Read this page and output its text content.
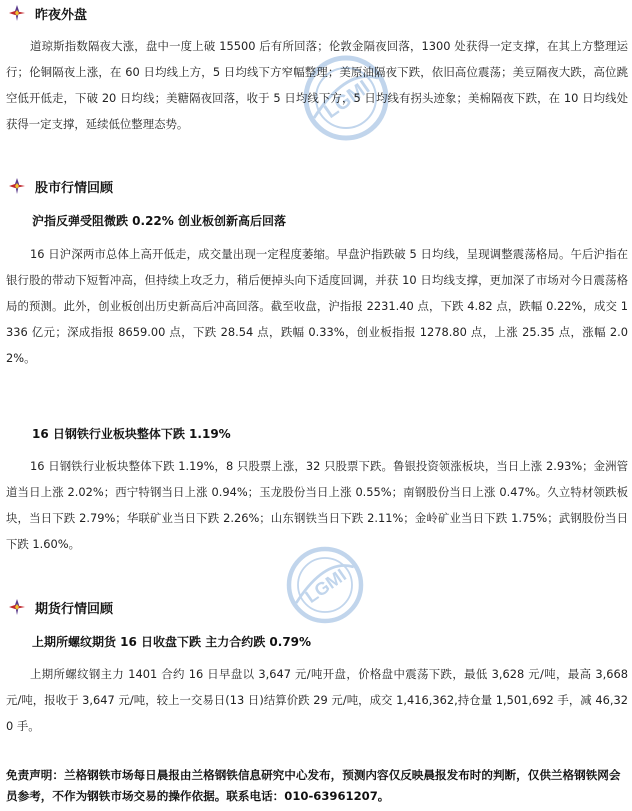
LGMI
LGMI
昨夜外盘
道琼斯指数隔夜大涨，盘中一度上破 15500 后有所回落；伦敦金隔夜回落，1300 处获得一定支撑，在其上方整理运行；伦铜隔夜上涨，在 60 日均线上方，5 日均线下方窄幅整理；美原油隔夜下跌，依旧高位震荡；美豆隔夜大跌，高位跳空低开低走，下破 20 日均线；美糖隔夜回落，收于 5 日均线下方，5 日均线有拐头迹象；美棉隔夜下跌，在 10 日均线处获得一定支撑，延续低位整理态势。
股市行情回顾
沪指反弹受阻微跌 0.22% 创业板创新高后回落
16 日沪深两市总体上高开低走，成交量出现一定程度萎缩。早盘沪指跌破 5 日均线，呈现调整震荡格局。午后沪指在银行股的带动下短暂冲高，但持续上攻乏力，稍后便掉头向下适度回调，并获 10 日均线支撑，更加深了市场对今日震荡格局的预测。此外，创业板创出历史新高后冲高回落。截至收盘，沪指报 2231.40 点，下跌 4.82 点，跌幅 0.22%，成交 1336 亿元；深成指报 8659.00 点，下跌 28.54 点，跌幅 0.33%，创业板指报 1278.80 点，上涨 25.35 点，涨幅 2.02%。
16 日钢铁行业板块整体下跌 1.19%
16 日钢铁行业板块整体下跌 1.19%，8 只股票上涨，32 只股票下跌。鲁银投资领涨板块，当日上涨 2.93%；金洲管道当日上涨 2.02%；西宁特钢当日上涨 0.94%；玉龙股份当日上涨 0.55%；南钢股份当日上涨 0.47%。久立特材领跌板块，当日下跌 2.79%；华联矿业当日下跌 2.26%；山东钢铁当日下跌 2.11%；金岭矿业当日下跌 1.75%；武钢股份当日下跌 1.60%。
期货行情回顾
上期所螺纹期货 16 日收盘下跌 主力合约跌 0.79%
上期所螺纹钢主力 1401 合约 16 日早盘以 3,647 元/吨开盘，价格盘中震荡下跌，最低 3,628 元/吨，最高 3,668 元/吨，报收于 3,647 元/吨，较上一交易日(13 日)结算价跌 29 元/吨，成交 1,416,362,持仓量 1,501,692 手，减 46,320 手。
免责声明：兰格钢铁市场每日晨报由兰格钢铁信息研究中心发布，预测内容仅反映晨报发布时的判断，仅供兰格钢铁网会员参考，不作为钢铁市场交易的操作依据。联系电话：010-63961207。
